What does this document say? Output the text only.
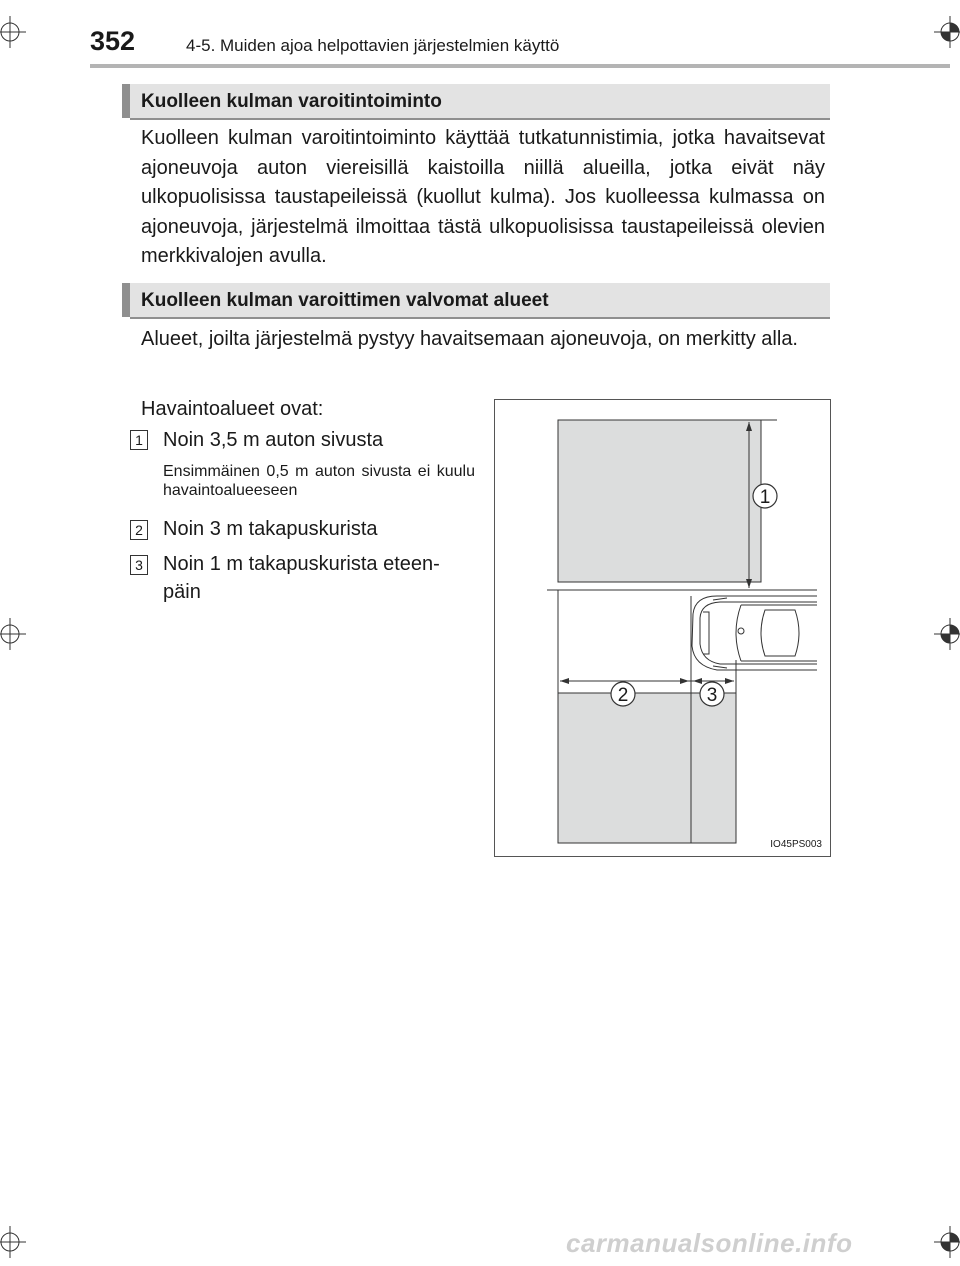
352	4-5. Muiden ajoa helpottavien järjestelmien käyttö
Kuolleen kulman varoitintoiminto

Kuolleen kulman varoitintoiminto käyttää tutkatunnistimia, jotka havaitsevat ajoneuvoja auton viereisillä kaistoilla niillä alueilla, jotka eivät näy ulkopuolisissa taustapeileissä (kuollut kulma). Jos kuolleessa kulmassa on ajoneuvoja, järjestelmä ilmoittaa tästä ulkopuolisissa taustapeileissä olevien merkkivalojen avulla.

Kuolleen kulman varoittimen valvomat alueet

Alueet, joilta järjestelmä pystyy havaitsemaan ajoneuvoja, on merkitty alla.

Havaintoalueet ovat:
1 Noin 3,5 m auton sivusta
Ensimmäinen 0,5 m auton sivusta ei kuulu havaintoalueeseen
2 Noin 3 m takapuskurista
3 Noin 1 m takapuskurista eteen-
päin
1
2	3
IO45PS003
carmanualsonline.info
